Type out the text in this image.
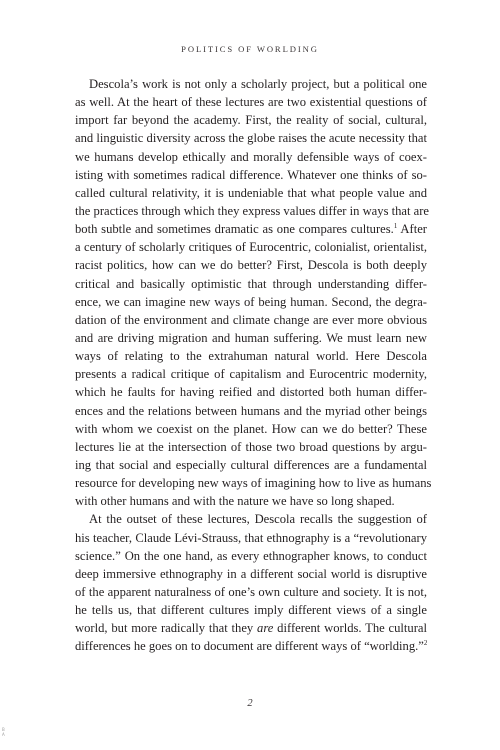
POLITICS OF WORLDING
Descola’s work is not only a scholarly project, but a political one
as well. At the heart of these lectures are two existential questions of
import far beyond the academy. First, the reality of social, cultural,
and linguistic diversity across the globe raises the acute necessity that
we humans develop ethically and morally defensible ways of coex-
isting with sometimes radical difference. Whatever one thinks of so-
called cultural relativity, it is undeniable that what people value and
the practices through which they express values differ in ways that are
both subtle and sometimes dramatic as one compares cultures.$^1$ After
a century of scholarly critiques of Eurocentric, colonialist, orientalist,
racist politics, how can we do better? First, Descola is both deeply
critical and basically optimistic that through understanding differ-
ence, we can imagine new ways of being human. Second, the degra-
dation of the environment and climate change are ever more obvious
and are driving migration and human suffering. We must learn new
ways of relating to the extrahuman natural world. Here Descola
presents a radical critique of capitalism and Eurocentric modernity,
which he faults for having reified and distorted both human differ-
ences and the relations between humans and the myriad other beings
with whom we coexist on the planet. How can we do better? These
lectures lie at the intersection of those two broad questions by argu-
ing that social and especially cultural differences are a fundamental
resource for developing new ways of imagining how to live as humans
with other humans and with the nature we have so long shaped.
At the outset of these lectures, Descola recalls the suggestion of
his teacher, Claude Lévi-Strauss, that ethnography is a “revolutionary
science.” On the one hand, as every ethnographer knows, to conduct
deep immersive ethnography in a different social world is disruptive
of the apparent naturalness of one’s own culture and society. It is not,
he tells us, that different cultures imply different views of a single
world, but more radically that they are different worlds. The cultural
differences he goes on to document are different ways of “worlding.”$^2$
2
B
A
